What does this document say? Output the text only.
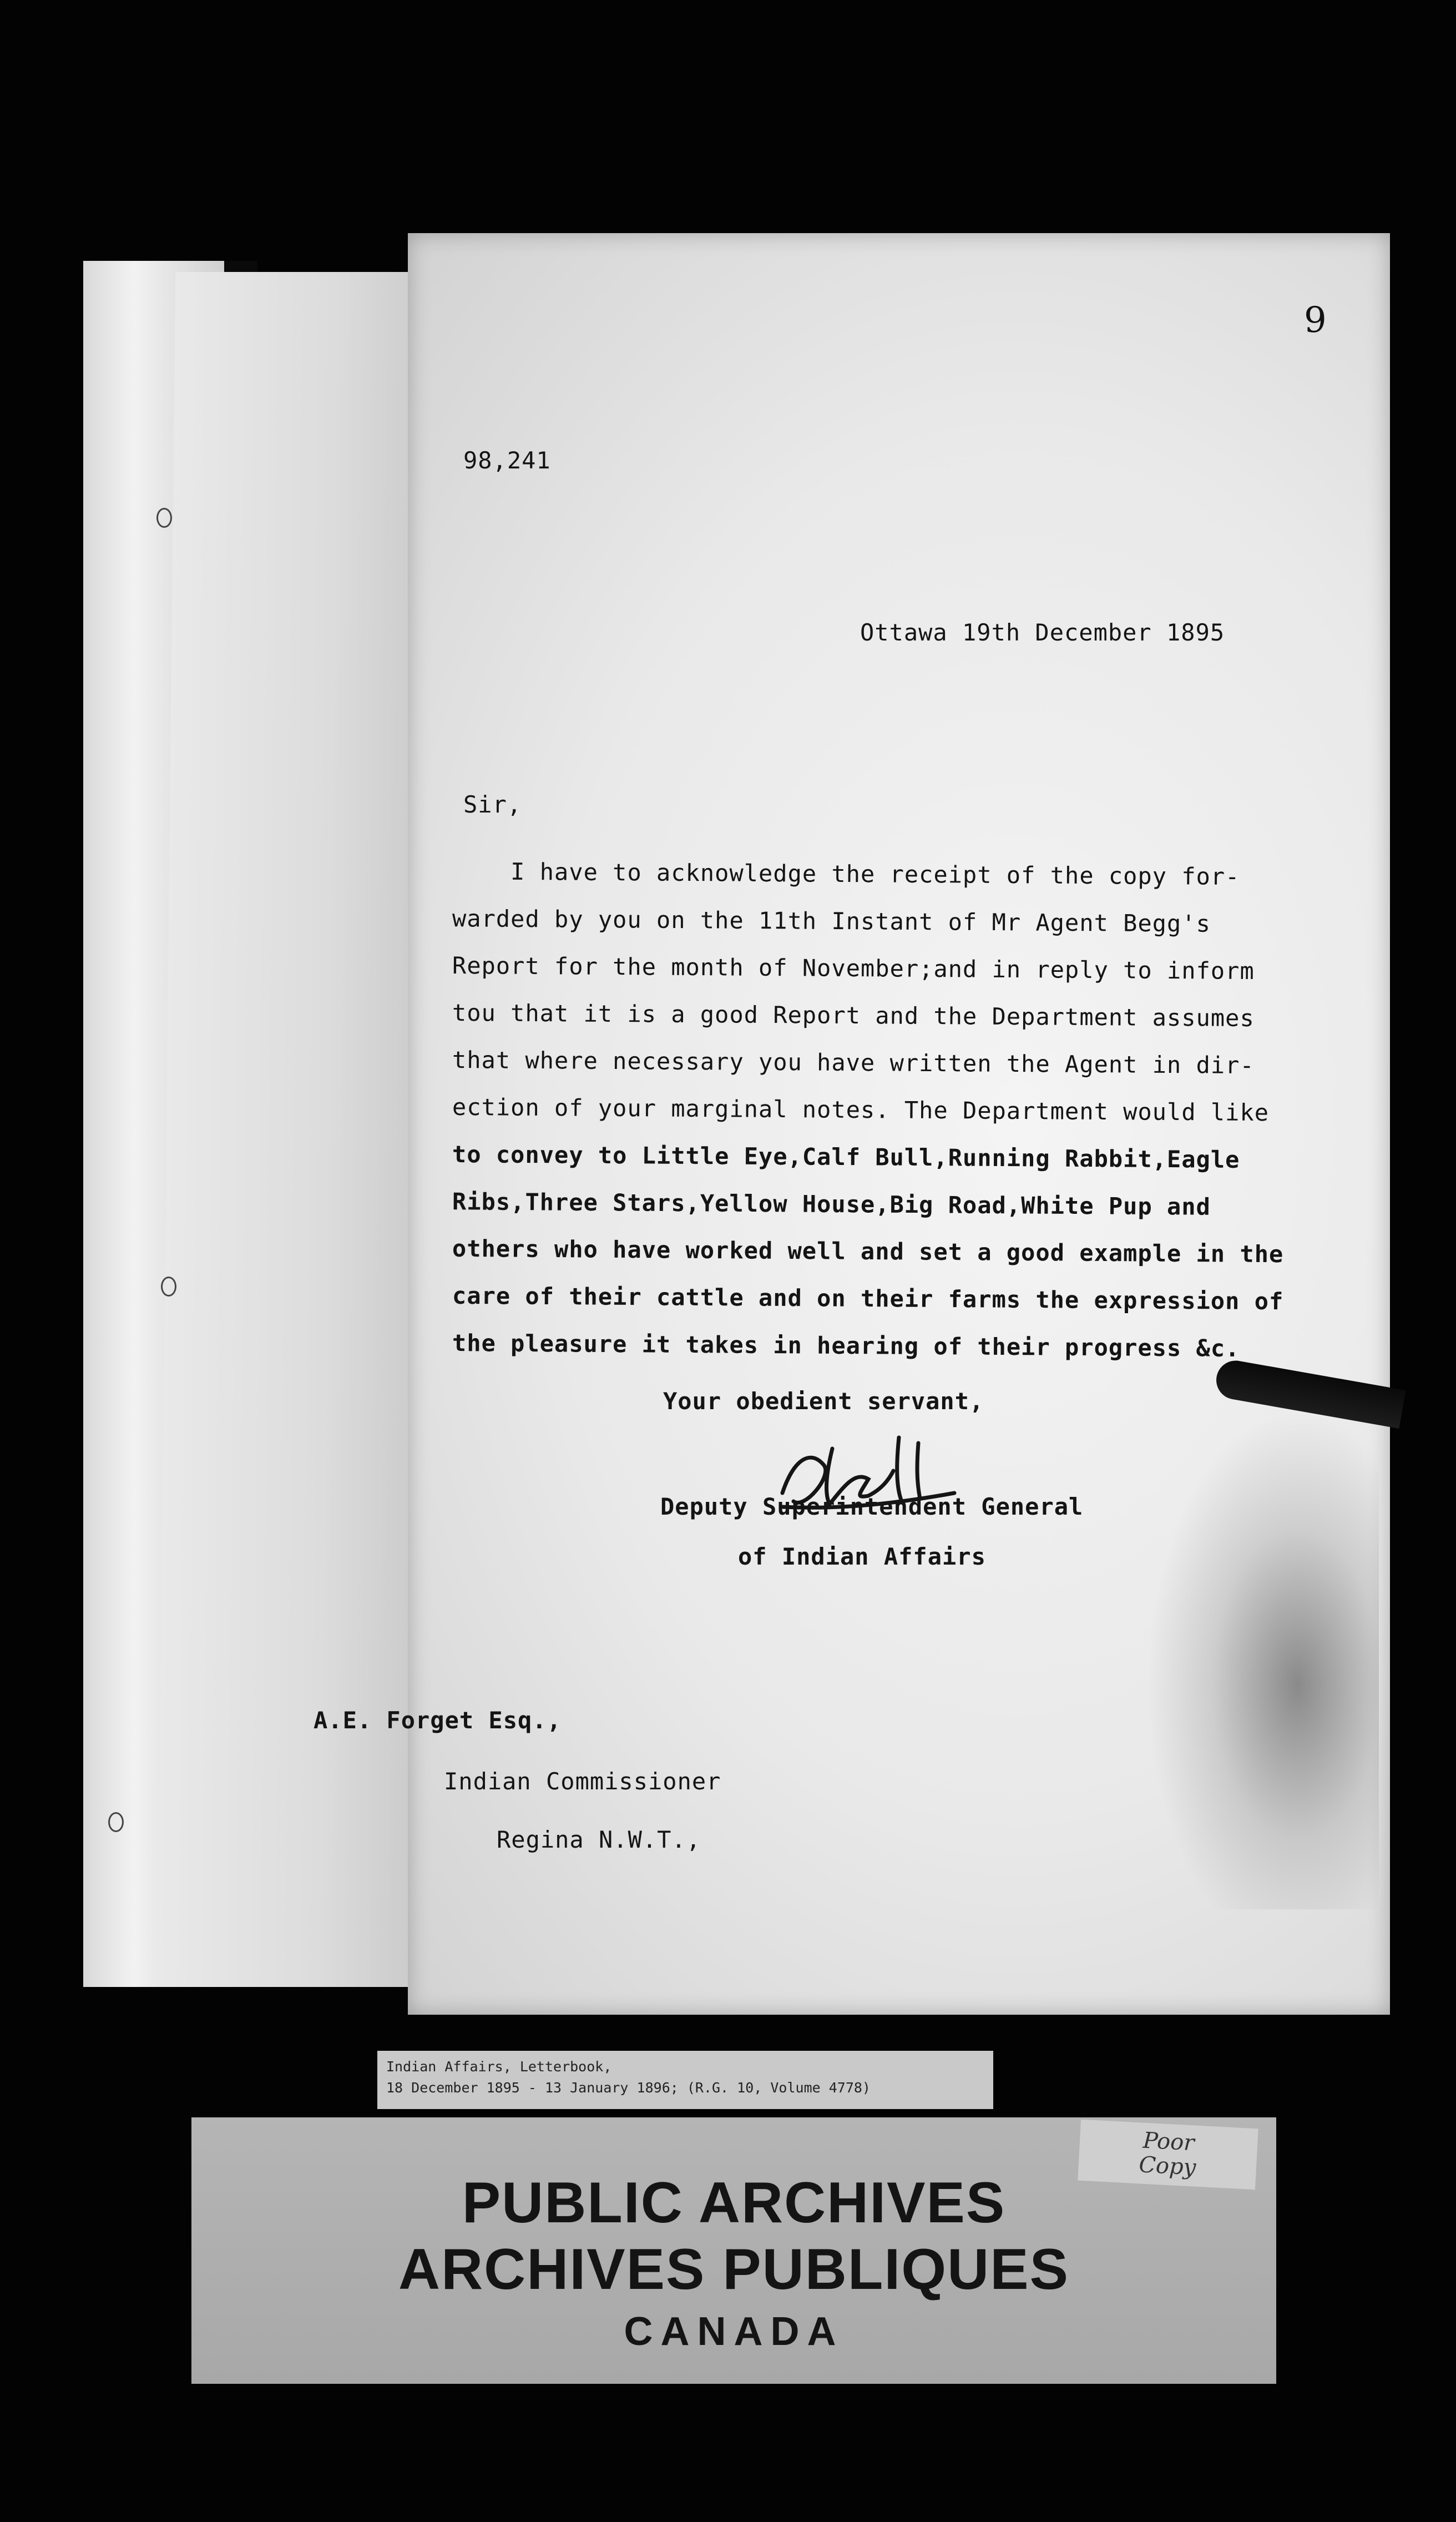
9
98,241
Ottawa 19th December 1895
Sir,
I have to acknowledge the receipt of the copy for-
warded by you on the 11th Instant of Mr Agent Begg's
Report for the month of November;and in reply to inform
tou that it is a good Report and the Department assumes
that where necessary you have written the Agent in dir-
ection of your marginal notes. The Department would like
to convey to Little Eye,Calf Bull,Running Rabbit,Eagle
Ribs,Three Stars,Yellow House,Big Road,White Pup and
others who have worked well and set a good example in the
care of their cattle and on their farms the expression of
the pleasure it takes in hearing of their progress &c.
Your obedient servant,
Deputy Superintendent General
of Indian Affairs
A.E. Forget Esq.,
Indian Commissioner
Regina N.W.T.,
Indian Affairs, Letterbook,
18 December 1895 - 13 January 1896; (R.G. 10, Volume 4778)
Poor
Copy
PUBLIC ARCHIVES
ARCHIVES PUBLIQUES
CANADA
